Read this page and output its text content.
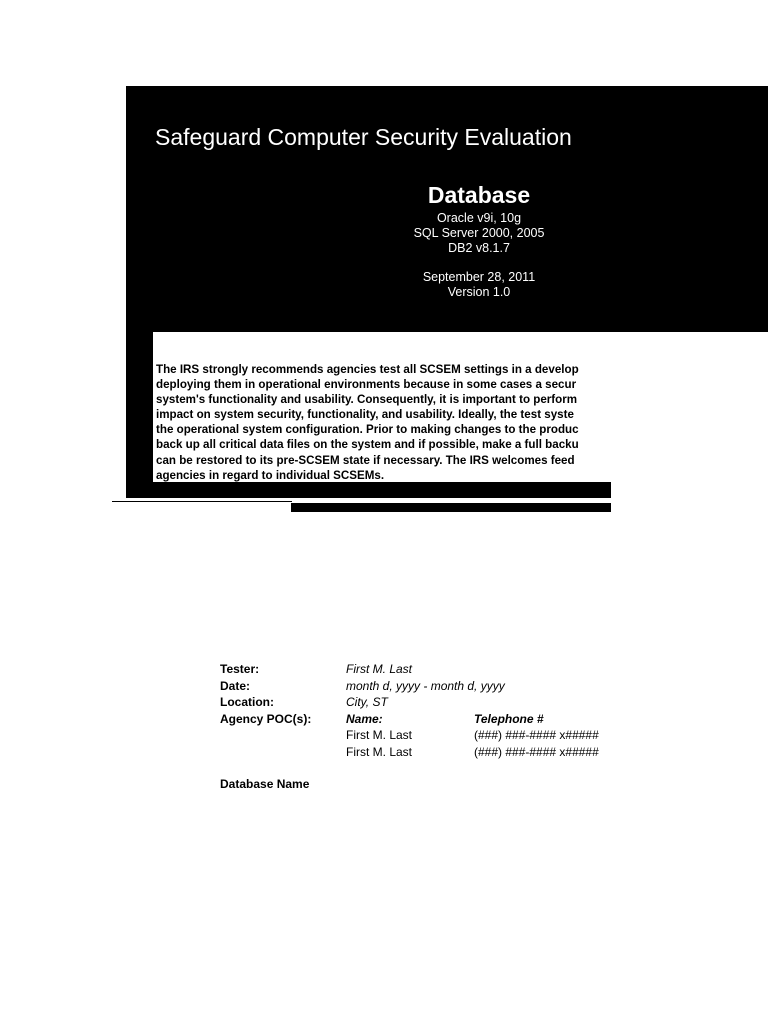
Safeguard Computer Security Evaluation
Database
Oracle v9i, 10g
SQL Server 2000, 2005
DB2 v8.1.7
September 28, 2011
Version 1.0
The IRS strongly recommends agencies test all SCSEM settings in a develop
deploying them in operational environments because in some cases a secur
system's functionality and usability. Consequently, it is important to perform
impact on system security, functionality, and usability. Ideally, the test syste
the operational system configuration. Prior to making changes to the produc
back up all critical data files on the system and if possible, make a full backu
can be restored to its pre-SCSEM state if necessary. The IRS welcomes feed
agencies in regard to individual SCSEMs.
Tester:	First M. Last
Date:	month d, yyyy - month d, yyyy
Location:	City, ST
Agency POC(s):	Name:	Telephone #
First M. Last	(###) ###-#### x#####
First M. Last	(###) ###-#### x#####
Database Name
